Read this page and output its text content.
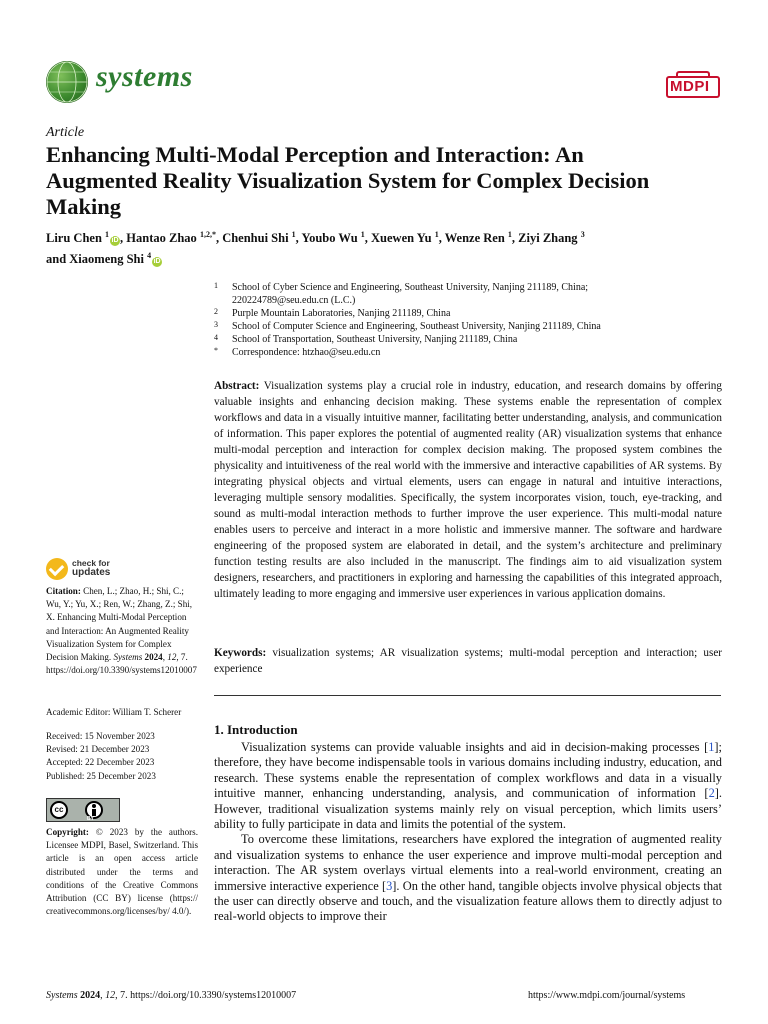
systems	MDPI
Article
Enhancing Multi-Modal Perception and Interaction: An Augmented Reality Visualization System for Complex Decision Making
Liru Chen $^1$iD , Hantao Zhao $^{1,2,*}$, Chenhui Shi $^1$, Youbo Wu $^1$, Xuewen Yu $^1$, Wenze Ren $^1$, Ziyi Zhang $^3$
and Xiaomeng Shi $^4$iD
1 School of Cyber Science and Engineering, Southeast University, Nanjing 211189, China;
220224789@seu.edu.cn (L.C.)
2 Purple Mountain Laboratories, Nanjing 211189, China
3 School of Computer Science and Engineering, Southeast University, Nanjing 211189, China
4 School of Transportation, Southeast University, Nanjing 211189, China
* Correspondence: htzhao@seu.edu.cn
Abstract: Visualization systems play a crucial role in industry, education, and research domains by offering valuable insights and enhancing decision making. These systems enable the representation of complex workflows and data in a visually intuitive manner, facilitating better understanding, analysis, and communication of information. This paper explores the potential of augmented reality (AR) visualization systems that enhance multi-modal perception and interaction for complex decision making. The proposed system combines the physicality and intuitiveness of the real world with the immersive and interactive capabilities of AR systems. By integrating physical objects and virtual elements, users can engage in natural and intuitive interactions, leveraging multiple sensory modalities. Specifically, the system incorporates vision, touch, eye-tracking, and sound as multi-modal interaction methods to further improve the user experience. This multi-modal nature enables users to perceive and interact in a more holistic and immersive manner. The software and hardware engineering of the proposed system are elaborated in detail, and the system’s architecture and preliminary function testing results are also included in the manuscript. The findings aim to aid visualization system designers, researchers, and practitioners in exploring and harnessing the capabilities of this integrated approach, ultimately leading to more engaging and immersive user experiences in various application domains.
Keywords: visualization systems; AR visualization systems; multi-modal perception and interaction; user experience
1. Introduction

Visualization systems can provide valuable insights and aid in decision-making processes [1]; therefore, they have become indispensable tools in various domains including industry, education, and research. These systems enable the representation of complex workflows and data in a visually intuitive manner, enhancing understanding, analysis, and communication of information [2]. However, traditional visualization systems mainly rely on visual perception, which limits users’ ability to fully participate in data and limits the potential of the system.

To overcome these limitations, researchers have explored the integration of augmented reality and visualization systems to enhance the user experience and improve multi-modal perception and interaction. The AR system overlays virtual elements into a real-world environment, creating an immersive interactive experience [3]. On the other hand, tangible objects involve physical objects that the user can directly observe and touch, and the visualization feature allows them to directly adjust to real-world objects to improve their

check for
updates
Citation: Chen, L.; Zhao, H.; Shi, C.; Wu, Y.; Yu, X.; Ren, W.; Zhang, Z.; Shi, X. Enhancing Multi-Modal Perception and Interaction: An Augmented Reality Visualization System for Complex Decision Making. Systems 2024, 12, 7. https://doi.org/10.3390/systems12010007
Academic Editor: William T. Scherer
Received: 15 November 2023
Revised: 21 December 2023
Accepted: 22 December 2023
Published: 25 December 2023
cc
BY
Copyright: © 2023 by the authors. Licensee MDPI, Basel, Switzerland. This article is an open access article distributed under the terms and conditions of the Creative Commons Attribution (CC BY) license (https:// creativecommons.org/licenses/by/ 4.0/).
Systems 2024, 12, 7. https://doi.org/10.3390/systems12010007	https://www.mdpi.com/journal/systems
